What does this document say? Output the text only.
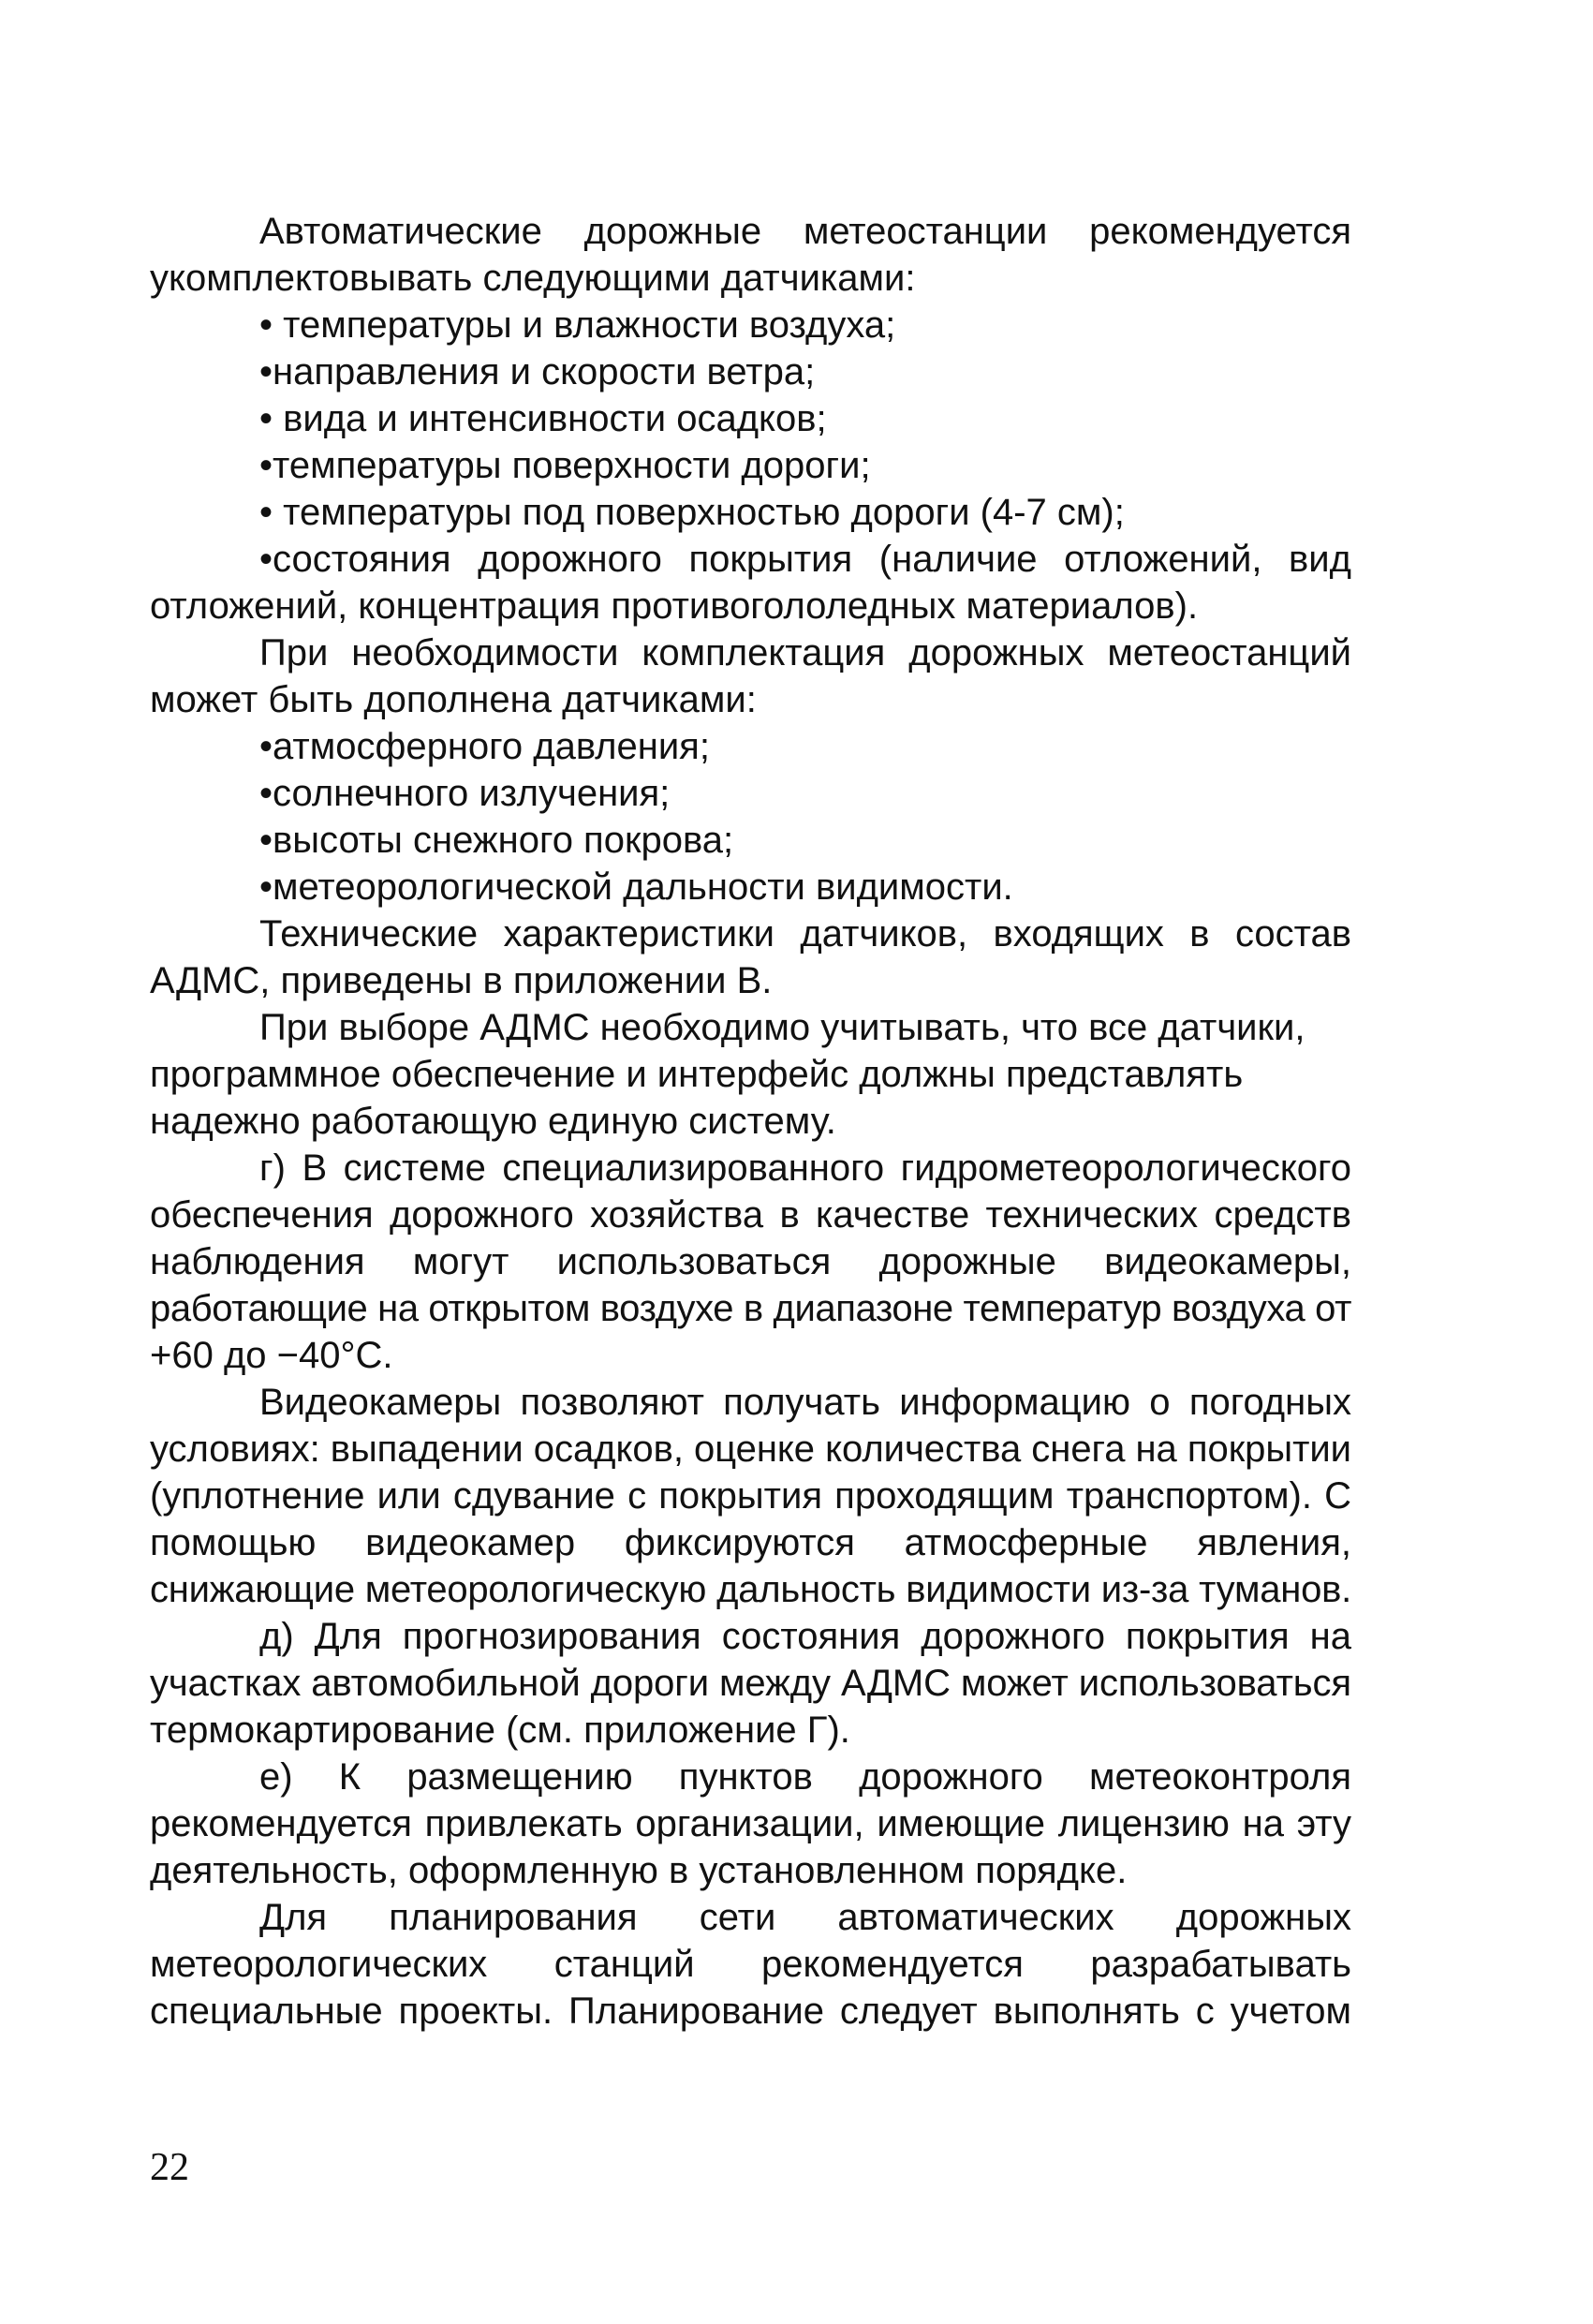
Автоматические дорожные метеостанции рекомендуется
укомплектовывать следующими датчиками:
• температуры и влажности воздуха;
•направления и скорости ветра;
• вида и интенсивности осадков;
•температуры поверхности дороги;
• температуры под поверхностью дороги (4-7 см);
•состояния дорожного покрытия (наличие отложений, вид
отложений, концентрация противогололедных материалов).
При необходимости комплектация дорожных метеостанций
может быть дополнена датчиками:
•атмосферного давления;
•солнечного излучения;
•высоты снежного покрова;
•метеорологической дальности видимости.
Технические характеристики датчиков, входящих в состав
АДМС, приведены в приложении В.
При выборе АДМС необходимо учитывать, что все датчики,
программное обеспечение и интерфейс должны представлять
надежно работающую единую систему.
г) В системе специализированного гидрометеорологического
обеспечения дорожного хозяйства в качестве технических средств
наблюдения могут использоваться дорожные видеокамеры,
работающие на открытом воздухе в диапазоне температур воздуха от
+60 до −40°С.
Видеокамеры позволяют получать информацию о погодных
условиях: выпадении осадков, оценке количества снега на покрытии
(уплотнение или сдувание с покрытия проходящим транспортом). С
помощью видеокамер фиксируются атмосферные явления,
снижающие метеорологическую дальность видимости из-за туманов.
д) Для прогнозирования состояния дорожного покрытия на
участках автомобильной дороги между АДМС может использоваться
термокартирование (см. приложение Г).
е) К размещению пунктов дорожного метеоконтроля
рекомендуется привлекать организации, имеющие лицензию на эту
деятельность, оформленную в установленном порядке.
Для планирования сети автоматических дорожных
метеорологических станций рекомендуется разрабатывать
специальные проекты. Планирование следует выполнять с учетом
22
